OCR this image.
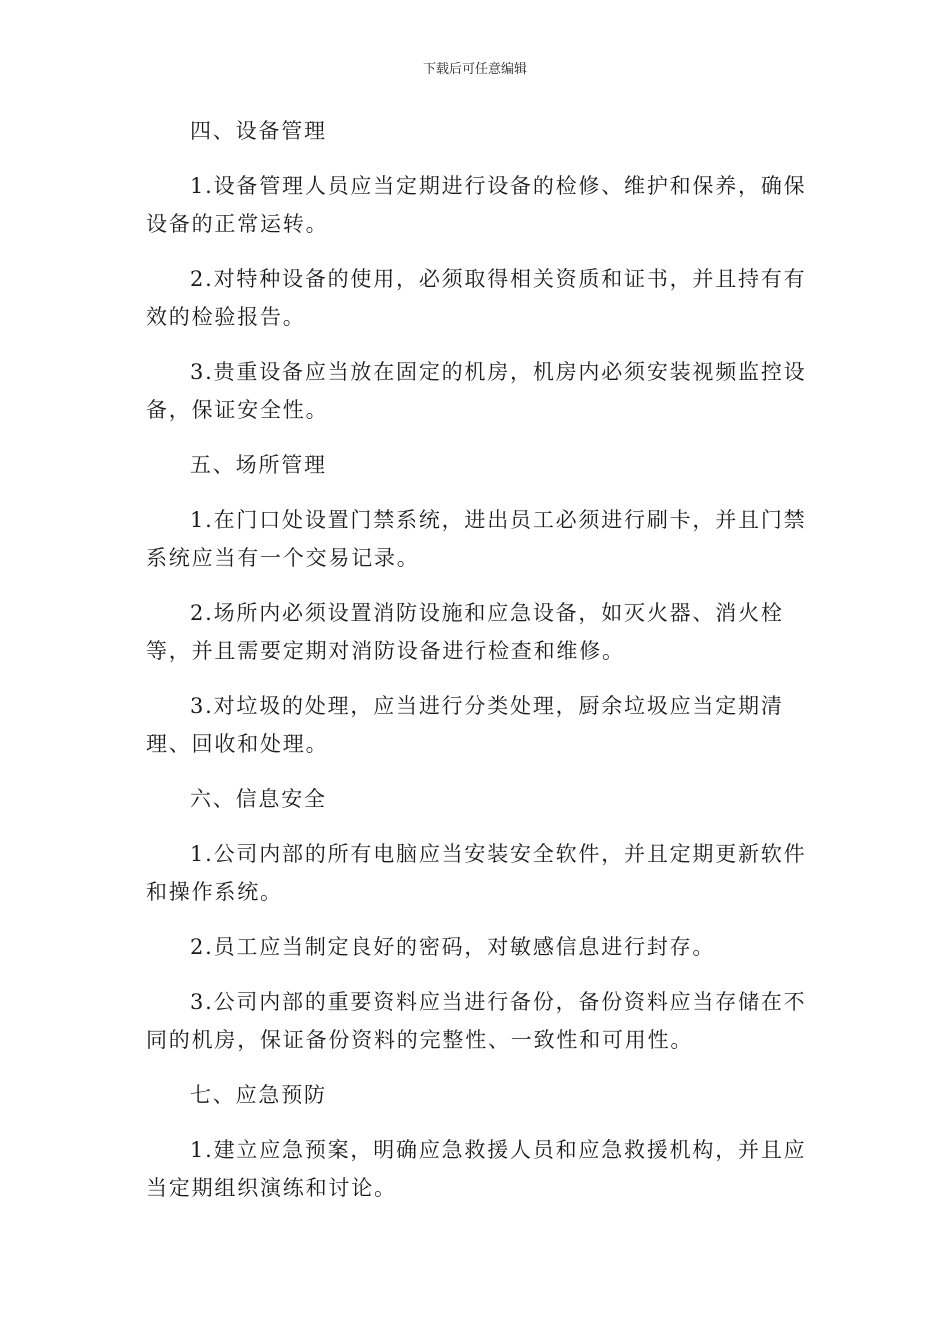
下载后可任意编辑

四、设备管理

1.设备管理人员应当定期进行设备的检修、维护和保养，确保设备的正常运转。

2.对特种设备的使用，必须取得相关资质和证书，并且持有有效的检验报告。

3.贵重设备应当放在固定的机房，机房内必须安装视频监控设备，保证安全性。

五、场所管理

1.在门口处设置门禁系统，进出员工必须进行刷卡，并且门禁系统应当有一个交易记录。

2.场所内必须设置消防设施和应急设备，如灭火器、消火栓等，并且需要定期对消防设备进行检查和维修。

3.对垃圾的处理，应当进行分类处理，厨余垃圾应当定期清理、回收和处理。

六、信息安全

1.公司内部的所有电脑应当安装安全软件，并且定期更新软件和操作系统。

2.员工应当制定良好的密码，对敏感信息进行封存。

3.公司内部的重要资料应当进行备份，备份资料应当存储在不同的机房，保证备份资料的完整性、一致性和可用性。

七、应急预防

1.建立应急预案，明确应急救援人员和应急救援机构，并且应当定期组织演练和讨论。
